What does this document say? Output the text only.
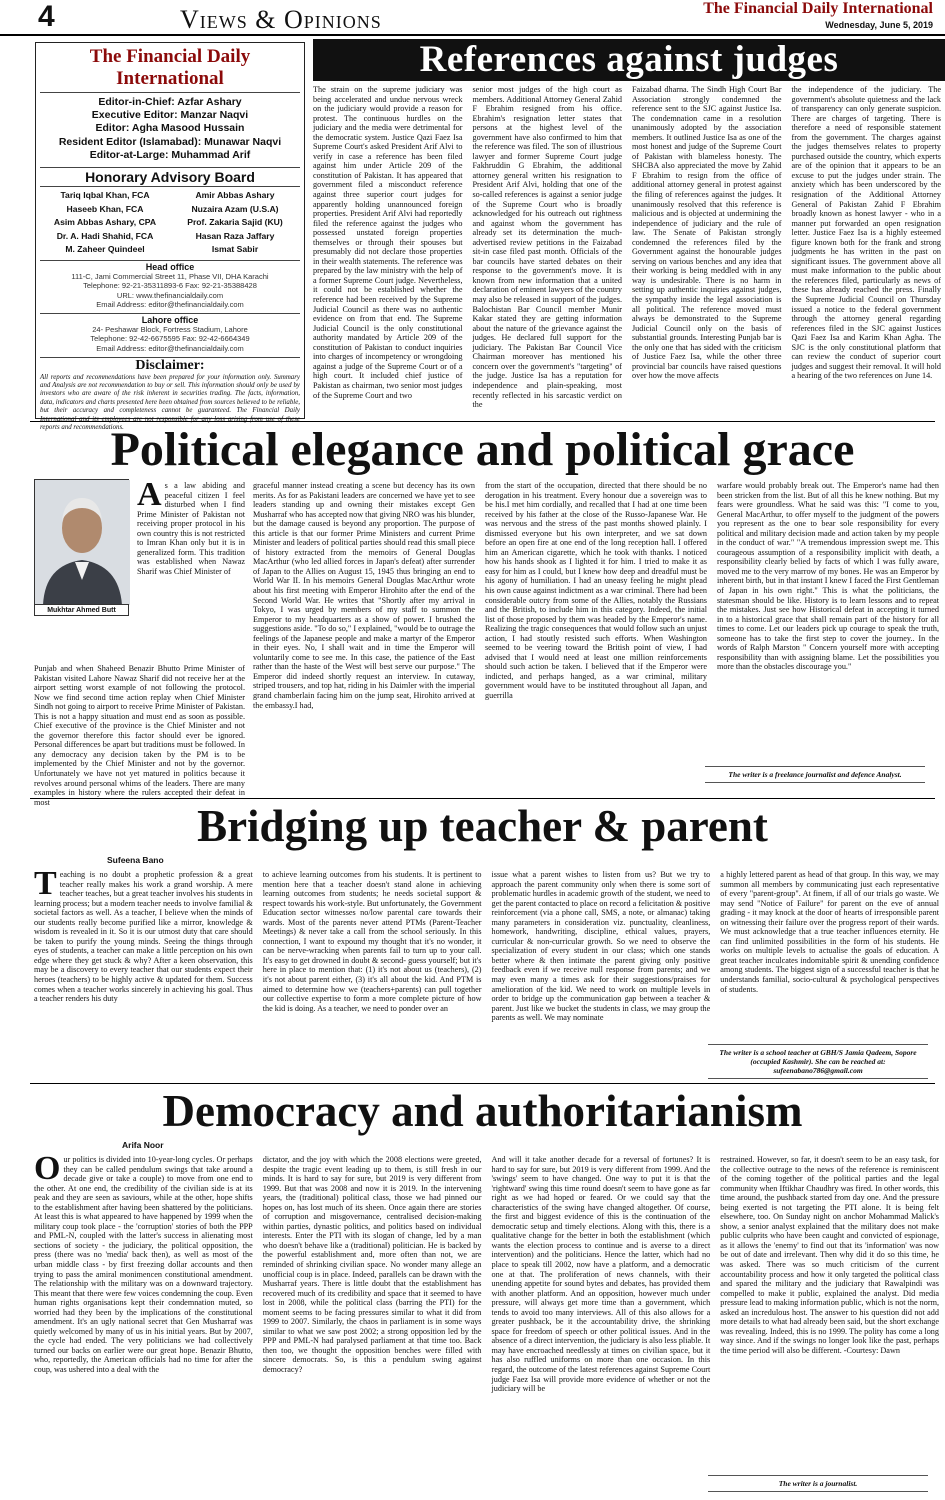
4	Views & Opinions	The Financial Daily International
Wednesday, June 5, 2019
The Financial Daily International
Editor-in-Chief: Azfar Ashary
Executive Editor: Manzar Naqvi
Editor: Agha Masood Hussain
Resident Editor (Islamabad): Munawar Naqvi
Editor-at-Large: Muhammad Arif
Honorary Advisory Board
Tariq Iqbal Khan, FCA	Amir Abbas Ashary
Haseeb Khan, FCA	Nuzaira Azam (U.S.A)
Asim Abbas Ashary, CPA	Prof. Zakaria Sajid (KU)
Dr. A. Hadi Shahid, FCA	Hasan Raza Jaffary
M. Zaheer Quindeel	Ismat Sabir
Head office
111-C, Jami Commercial Street 11, Phase VII, DHA Karachi
Telephone: 92-21-35311893-6 Fax: 92-21-35388428
URL: www.thefinancialdaily.com
Email Address: editor@thefinancialdaily.com
Lahore office
24- Peshawar Block, Fortress Stadium, Lahore
Telephone: 92-42-6675595 Fax: 92-42-6664349
Email Address: editor@thefinancialdaily.com
Disclaimer:
All reports and recommendations have been prepared for your information only. Summary and Analysis are not recommendation to buy or sell. This information should only be used by investors who are aware of the risk inherent in securities trading. The facts, information, data, indicators and charts presented here been obtained from sources believed to be reliable, but their accuracy and completeness cannot be guaranteed. The Financial Daily International and its employees are not responsible for any loss arising from use of these reports and recommendations.
References against judges

The strain on the supreme judiciary was being accelerated and undue nervous wreck on the judiciary would provide a reason for protest. The continuous hurdles on the judiciary and the media were detrimental for the democratic system. Justice Qazi Faez Isa Supreme Court's asked President Arif Alvi to verify in case a reference has been filed against him under Article 209 of the constitution of Pakistan. It has appeared that government filed a misconduct reference against three superior court judges for apparently holding unannounced foreign properties. President Arif Alvi had reportedly filed the reference against the judges who possessed unstated foreign properties themselves or through their spouses but presumably did not declare those properties in their wealth statements. The reference was prepared by the law ministry with the help of a former Supreme Court judge. Nevertheless, it could not be established whether the reference had been received by the Supreme Judicial Council as there was no authentic evidence on from that end. The Supreme Judicial Council is the only constitutional authority mandated by Article 209 of the constitution of Pakistan to conduct inquiries into charges of incompetency or wrongdoing against a judge of the Supreme Court or of a high court. It included chief justice of Pakistan as chairman, two senior most judges of the Supreme Court and two

senior most judges of the high court as members. Additional Attorney General Zahid F Ebrahim resigned from his office. Ebrahim's resignation letter states that persons at the highest level of the government have also confirmed to him that the reference was filed. The son of illustrious lawyer and former Supreme Court judge Fakhruddin G Ebrahim, the additional attorney general written his resignation to President Arif Alvi, holding that one of the so-called references is against a senior judge of the Supreme Court who is broadly acknowledged for his outreach out rightness and against whom the government has already set its determination the much-advertised review petitions in the Faizabad sit-in case filed past month. Officials of the bar councils have started debates on their response to the government's move. It is known from new information that a united declaration of eminent lawyers of the country may also be released in support of the judges. Balochistan Bar Council member Munir Kakar stated they are getting information about the nature of the grievance against the judges. He declared full support for the judiciary. The Pakistan Bar Council Vice Chairman moreover has mentioned his concern over the government's "targeting" of the judge. Justice Isa has a reputation for independence and plain-speaking, most recently reflected in his sarcastic verdict on the

Faizabad dharna. The Sindh High Court Bar Association strongly condemned the reference sent to the SJC against Justice Isa. The condemnation came in a resolution unanimously adopted by the association members. It outlined Justice Isa as one of the most honest and judge of the Supreme Court of Pakistan with blameless honesty. The SHCBA also appreciated the move by Zahid F Ebrahim to resign from the office of additional attorney general in protest against the filing of references against the judges. It unanimously resolved that this reference is malicious and is objected at undermining the independence of judiciary and the rule of law. The Senate of Pakistan strongly condemned the references filed by the Government against the honourable judges serving on various benches and any idea that their working is being meddled with in any way is undesirable. There is no harm in setting up authentic inquiries against judges, the sympathy inside the legal association is all political. The reference moved must always be demonstrated to the Supreme Judicial Council only on the basis of substantial grounds. Interesting Punjab bar is the only one that has sided with the criticism of Justice Faez Isa, while the other three provincial bar councils have raised questions over how the move affects

the independence of the judiciary. The government's absolute quietness and the lack of transparency can only generate suspicion. There are charges of targeting. There is therefore a need of responsible statement from the government. The charges against the judges themselves relates to property purchased outside the country, which experts are of the opinion that it appears to be an excuse to put the judges under strain. The anxiety which has been underscored by the resignation of the Additional Attorney General of Pakistan Zahid F Ebrahim broadly known as honest lawyer - who in a manner put forwarded an open resignation letter. Justice Faez Isa is a highly esteemed figure known both for the frank and strong judgments he has written in the past on significant issues. The government above all must make information to the public about the references filed, particularly as news of these has already reached the press. Finally the Supreme Judicial Council on Thursday issued a notice to the federal government through the attorney general regarding references filed in the SJC against Justices Qazi Faez Isa and Karim Khan Agha. The SJC is the only constitutional platform that can review the conduct of superior court judges and suggest their removal. It will hold a hearing of the two references on June 14.

Political elegance and political grace
Mukhtar Ahmed Butt

As a law abiding and peaceful citizen I feel disturbed when I find Prime Minister of Pakistan not receiving proper protocol in his own country this is not restricted to Imran Khan only but it is in generalized form. This tradition was established when Nawaz Sharif was Chief Minister of

Punjab and when Shaheed Benazir Bhutto Prime Minister of Pakistan visited Lahore Nawaz Sharif did not receive her at the airport setting worst example of not following the protocol. Now we find second time action replay when Chief Minister Sindh not going to airport to receive Prime Minister of Pakistan. This is not a happy situation and must end as soon as possible. Chief executive of the province is the Chief Minister and not the governor therefore this factor should ever be ignored. Personal differences be apart but traditions must be followed. In any democracy any decision taken by the PM is to be implemented by the Chief Minister and not by the governor. Unfortunately we have not yet matured in politics because it revolves around personal whims of the leaders. There are many examples in history where the rulers accepted their defeat in most

graceful manner instead creating a scene but decency has its own merits. As for as Pakistani leaders are concerned we have yet to see leaders standing up and owning their mistakes except Gen Musharraf who has accepted now that giving NRO was his blunder, but the damage caused is beyond any proportion. The purpose of this article is that our former Prime Ministers and current Prime Minister and leaders of political parties should read this small piece of history extracted from the memoirs of General Douglas MacArthur (who led allied forces in Japan's defeat) after surrender of Japan to the Allies on August 15, 1945 thus bringing an end to World War II. In his memoirs General Douglas MacArthur wrote about his first meeting with Emperor Hirohito after the end of the Second World War. He writes that "Shortly after my arrival in Tokyo, I was urged by members of my staff to summon the Emperor to my headquarters as a show of power. I brushed the suggestions aside. "To do so," I explained, "would be to outrage the feelings of the Japanese people and make a martyr of the Emperor in their eyes. No, I shall wait and in time the Emperor will voluntarily come to see me. In this case, the patience of the East rather than the haste of the West will best serve our purpose." The Emperor did indeed shortly request an interview. In cutaway, striped trousers, and top hat, riding in his Daimler with the imperial grand chamberlain facing him on the jump seat, Hirohito arrived at the embassy.I had,

from the start of the occupation, directed that there should be no derogation in his treatment. Every honour due a sovereign was to be his.I met him cordially, and recalled that I had at one time been received by his father at the close of the Russo-Japanese War. He was nervous and the stress of the past months showed plainly. I dismissed everyone but his own interpreter, and we sat down before an open fire at one end of the long reception hall. I offered him an American cigarette, which he took with thanks. I noticed how his hands shook as I lighted it for him. I tried to make it as easy for him as I could, but I knew how deep and dreadful must be his agony of humiliation. I had an uneasy feeling he might plead his own cause against indictment as a war criminal. There had been considerable outcry from some of the Allies, notably the Russians and the British, to include him in this category. Indeed, the initial list of those proposed by them was headed by the Emperor's name. Realizing the tragic consequences that would follow such an unjust action, I had stoutly resisted such efforts. When Washington seemed to be veering toward the British point of view, I had advised that I would need at least one million reinforcements should such action be taken. I believed that if the Emperor were indicted, and perhaps hanged, as a war criminal, military government would have to be instituted throughout all Japan, and guerrilla

warfare would probably break out. The Emperor's name had then been stricken from the list. But of all this he knew nothing. But my fears were groundless. What he said was this: "I come to you, General MacArthur, to offer myself to the judgment of the powers you represent as the one to bear sole responsibility for every political and military decision made and action taken by my people in the conduct of war." "A tremendous impression swept me. This courageous assumption of a responsibility implicit with death, a responsibility clearly belied by facts of which I was fully aware, moved me to the very marrow of my bones. He was an Emperor by inherent birth, but in that instant I knew I faced the First Gentleman of Japan in his own right." This is what the politicians, the statesman should be like. History is to learn lessons and to repeat the mistakes. Just see how Historical defeat in accepting it turned in to a historical grace that shall remain part of the history for all times to come. Let our leaders pick up courage to speak the truth, someone has to take the first step to cover the journey.. In the words of Ralph Marston " Concern yourself more with accepting responsibility than with assigning blame. Let the possibilities you more than the obstacles discourage you."

The writer is a freelance journalist and defence Analyst.
Bridging up teacher & parent
Sufeena Bano

Teaching is no doubt a prophetic profession & a great teacher really makes his work a grand worship. A mere teacher teaches, but a great teacher involves his students in learning process; but a modern teacher needs to involve familial & societal factors as well. As a teacher, I believe when the minds of our students really become purified like a mirror, knowledge & wisdom is revealed in it. So it is our utmost duty that care should be taken to purify the young minds. Seeing the things through eyes of students, a teacher can make a little perception on his own edge where they get stuck & why? After a keen observation, this may be a discovery to every teacher that our students expect their heroes (teachers) to be highly active & updated for them. Success comes when a teacher works sincerely in achieving his goal. Thus a teacher renders his duty

to achieve learning outcomes from his students. It is pertinent to mention here that a teacher doesn't stand alone in achieving learning outcomes from students; he needs societal support & respect towards his work-style. But unfortunately, the Government Education sector witnesses no/low parental care towards their wards. Most of the parents never attend PTMs (Parent-Teacher Meetings) & never take a call from the school seriously. In this connection, I want to expound my thought that it's no wonder, it can be nerve-wracking when parents fail to turn up to your call. It's easy to get drowned in doubt & second- guess yourself; but it's here in place to mention that: (1) it's not about us (teachers), (2) it's not about parent either, (3) it's all about the kid. And PTM is aimed to determine how we (teachers+parents) can pull together our collective expertise to form a more complete picture of how the kid is doing. As a teacher, we need to ponder over an

issue what a parent wishes to listen from us? But we try to approach the parent community only when there is some sort of problematic hurdles in academic growth of the student, we need to get the parent contacted to place on record a felicitation & positive reinforcement (via a phone call, SMS, a note, or almanac) taking many parameters in consideration viz. punctuality, cleanliness, homework, handwriting, discipline, ethical values, prayers, curricular & non-curricular growth. So we need to observe the specialization of every student in our class; which one stands better where & then intimate the parent giving only positive feedback even if we receive null response from parents; and we may even many a times ask for their suggestions/praises for amelioration of the kid. We need to work on multiple levels in order to bridge up the communication gap between a teacher & parent. Just like we bucket the students in class, we may group the parents as well. We may nominate

a highly lettered parent as head of that group. In this way, we may summon all members by communicating just each representative of every "parent-group". At finem, if all of our trials go waste. We may send "Notice of Failure" for parent on the eve of annual grading - it may knock at the door of hearts of irresponsible parent on witnessing their failure over the progress report of their wards. We must acknowledge that a true teacher influences eternity. He can find unlimited possibilities in the form of his students. He works on multiple levels to actualise the goals of education. A great teacher inculcates indomitable spirit & unending confidence among students. The biggest sign of a successful teacher is that he understands familial, socio-cultural & psychological perspectives of students.

The writer is a school teacher at GBH/S Jamia Qadeem, Sopore (occupied Kashmir). She can be reached at: sufeenabano786@gmail.com
Democracy and authoritarianism
Arifa Noor

Our politics is divided into 10-year-long cycles. Or perhaps they can be called pendulum swings that take around a decade give or take a couple) to move from one end to the other. At one end, the credibility of the civilian side is at its peak and they are seen as saviours, while at the other, hope shifts to the establishment after having been shattered by the politicians. At least this is what appeared to have happened by 1999 when the military coup took place - the 'corruption' stories of both the PPP and PML-N, coupled with the latter's success in alienating most sections of society - the judiciary, the political opposition, the press (there was no 'media' back then), as well as most of the urban middle class - by first freezing dollar accounts and then trying to pass the amiral monimencen constitutional amendment. The relationship with the military was on a downward trajectory. This meant that there were few voices condemning the coup. Even human rights organisations kept their condemnation muted, so worried had they been by the implications of the constitutional amendment. It's an ugly national secret that Gen Musharraf was quietly welcomed by many of us in his initial years. But by 2007, the cycle had ended. The very politicians we had collectively turned our backs on earlier were our great hope. Benazir Bhutto, who, reportedly, the American officials had no time for after the coup, was ushered into a deal with the

dictator, and the joy with which the 2008 elections were greeted, despite the tragic event leading up to them, is still fresh in our minds. It is hard to say for sure, but 2019 is very different from 1999. But that was 2008 and now it is 2019. In the intervening years, the (traditional) political class, those we had pinned our hopes on, has lost much of its sheen. Once again there are stories of corruption and misgovernance, centralised decision-making within parties, dynastic politics, and politics based on individual interests. Enter the PTI with its slogan of change, led by a man who doesn't behave like a (traditional) politician. He is backed by the powerful establishment and, more often than not, we are reminded of shrinking civilian space. No wonder many allege an unofficial coup is in place. Indeed, parallels can be drawn with the Musharraf years. There is little doubt that the establishment has recovered much of its credibility and space that it seemed to have lost in 2008, while the political class (barring the PTI) for the moment seems to be facing pressures similar to what it did from 1999 to 2007. Similarly, the chaos in parliament is in some ways similar to what we saw post 2002; a strong opposition led by the PPP and PML-N had paralysed parliament at that time too. Back then too, we thought the opposition benches were filled with sincere democrats. So, is this a pendulum swing against democracy?

And will it take another decade for a reversal of fortunes? It is hard to say for sure, but 2019 is very different from 1999. And the 'swings' seem to have changed. One way to put it is that the 'rightward' swing this time round doesn't seem to have gone as far right as we had hoped or feared. Or we could say that the characteristics of the swing have changed altogether. Of course, the first and biggest evidence of this is the continuation of the democratic setup and timely elections. Along with this, there is a qualitative change for the better in both the establishment (which wants the election process to continue and is averse to a direct intervention) and the politicians. Hence the latter, which had no place to speak till 2002, now have a platform, and a democratic one at that. The proliferation of news channels, with their unending appetite for sound bytes and debates, has provided them with another platform. And an opposition, however much under pressure, will always get more time than a government, which tends to avoid too many interviews. All of this also allows for a greater pushback, be it the accountability drive, the shrinking space for freedom of speech or other political issues. And in the absence of a direct intervention, the judiciary is also less pliable. It may have encroached needlessly at times on civilian space, but it has also ruffled uniforms on more than one occasion. In this regard, the outcome of the latest references against Supreme Court judge Faez Isa will provide more evidence of whether or not the judiciary will be

restrained. However, so far, it doesn't seem to be an easy task, for the collective outrage to the news of the reference is reminiscent of the coming together of the political parties and the legal community when Iftikhar Chaudhry was fired. In other words, this time around, the pushback started from day one. And the pressure being exerted is not targeting the PTI alone. It is being felt elsewhere, too. On Sunday night on anchor Mohammad Malick's show, a senior analyst explained that the military does not make public culprits who have been caught and convicted of espionage, as it allows the 'enemy' to find out that its 'information' was now be out of date and irrelevant. Then why did it do so this time, he was asked. There was so much criticism of the current accountability process and how it only targeted the political class and spared the military and the judiciary that Rawalpindi was compelled to make it public, explained the analyst. Did media pressure lead to making information public, which is not the norm, asked an incredulous host. The answer to his question did not add more details to what had already been said, but the short exchange was revealing. Indeed, this is no 1999. The polity has come a long way since. And if the swings no longer look like the past, perhaps the time period will also be different. -Courtesy: Dawn

The writer is a journalist.
